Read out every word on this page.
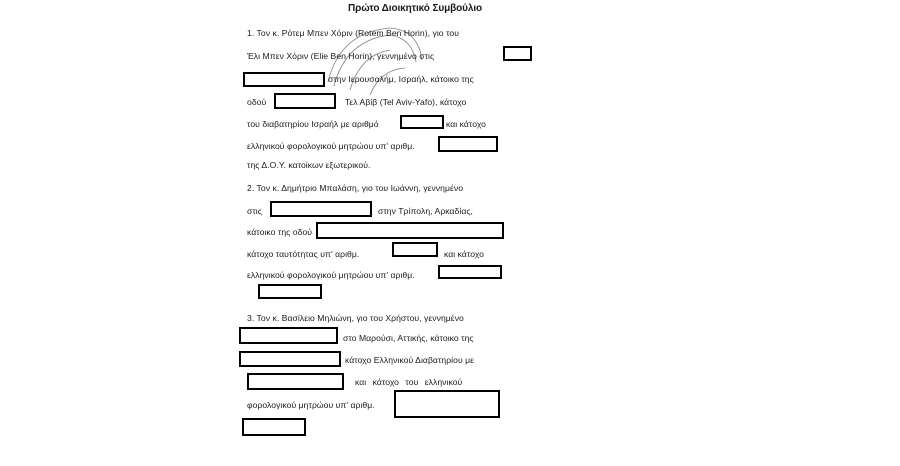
Πρώτο Διοικητικό Συμβούλιο
1. Τον κ. Ρότεμ Μπεν Χόριν (Rotem Ben Horin), γιο του
Έλι Μπεν Χόριν (Elie Ben Horin), γεννημένο στις
στην Ιερουσαλήμ, Ισραήλ, κάτοικο της
οδού	Τελ Αβίβ (Tel Aviv-Yafo), κάτοχο
του διαβατηρίου Ισραήλ με αριθμό	και κάτοχο
ελληνικού φορολογικού μητρώου υπ' αριθμ.
της Δ.Ο.Υ. κατοίκων εξωτερικού.
2. Τον κ. Δημήτριο Μπαλάση, γιο του Ιωάννη, γεννημένο
στις	στην Τρίπολη, Αρκαδίας,
κάτοικο της οδού
κάτοχο ταυτότητας υπ' αριθμ.	και κάτοχο
ελληνικού φορολογικού μητρώου υπ' αριθμ.
3. Τον κ. Βασίλειο Μηλιώνη, γιο του Χρήστου, γεννημένο
στο Μαρούσι, Αττικής, κάτοικο της
κάτοχο Ελληνικού Διαβατηρίου με
και κάτοχο του ελληνικού
φορολογικού μητρώου υπ' αριθμ.
